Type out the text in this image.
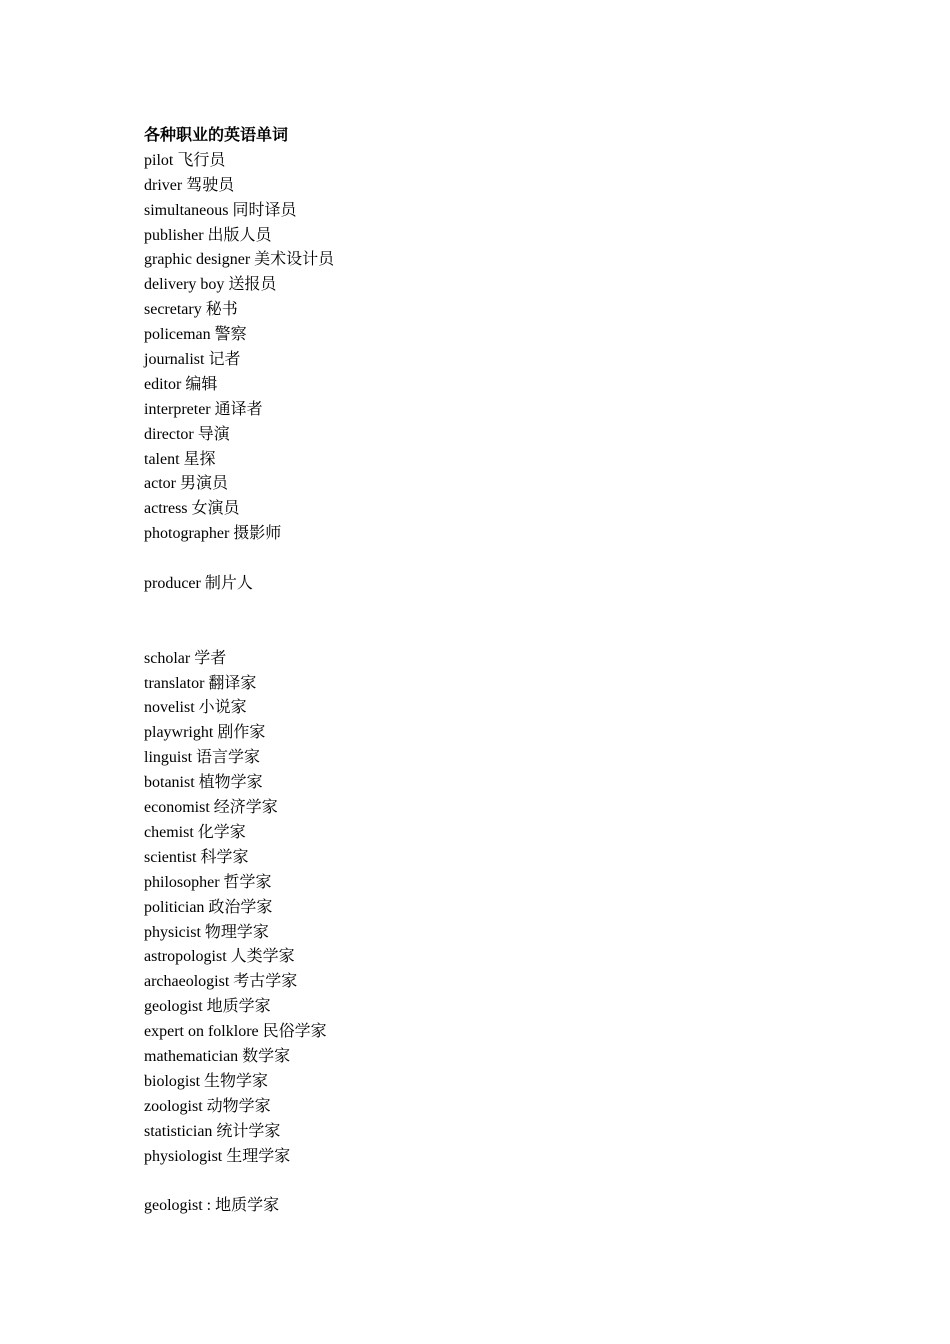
各种职业的英语单词
pilot 飞行员
driver 驾驶员
simultaneous 同时译员
publisher 出版人员
graphic designer 美术设计员
delivery boy 送报员
secretary 秘书
policeman 警察
journalist 记者
editor 编辑
interpreter 通译者
director 导演
talent 星探
actor 男演员
actress 女演员
photographer 摄影师
producer 制片人
scholar 学者
translator 翻译家
novelist 小说家
playwright 剧作家
linguist 语言学家
botanist 植物学家
economist 经济学家
chemist 化学家
scientist 科学家
philosopher 哲学家
politician 政治学家
physicist 物理学家
astropologist 人类学家
archaeologist 考古学家
geologist 地质学家
expert on folklore 民俗学家
mathematician 数学家
biologist 生物学家
zoologist 动物学家
statistician 统计学家
physiologist 生理学家
geologist : 地质学家
